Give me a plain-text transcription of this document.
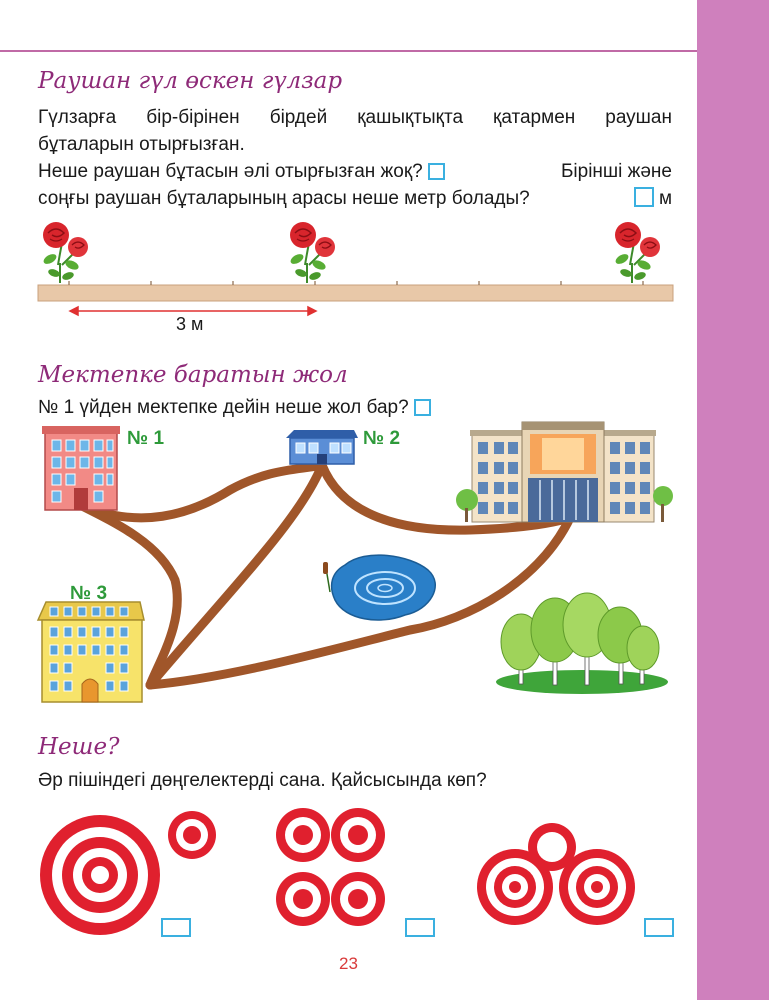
Раушан гүл өскен гүлзар
Гүлзарға бір-бірінен бірдей қашықтықта қатармен раушан
бұталарын отырғызған.
Неше раушан бұтасын әлі отырғызған жоқ?	Бірінші және
соңғы раушан бұталарының арасы неше метр болады?	м
3 м
Мектепке баратын жол
№ 1 үйден мектепке дейін неше жол бар?
№ 1	№ 2
№ 3
Неше?
Әр пішіндегі дөңгелектерді сана. Қайсысында көп?
23
